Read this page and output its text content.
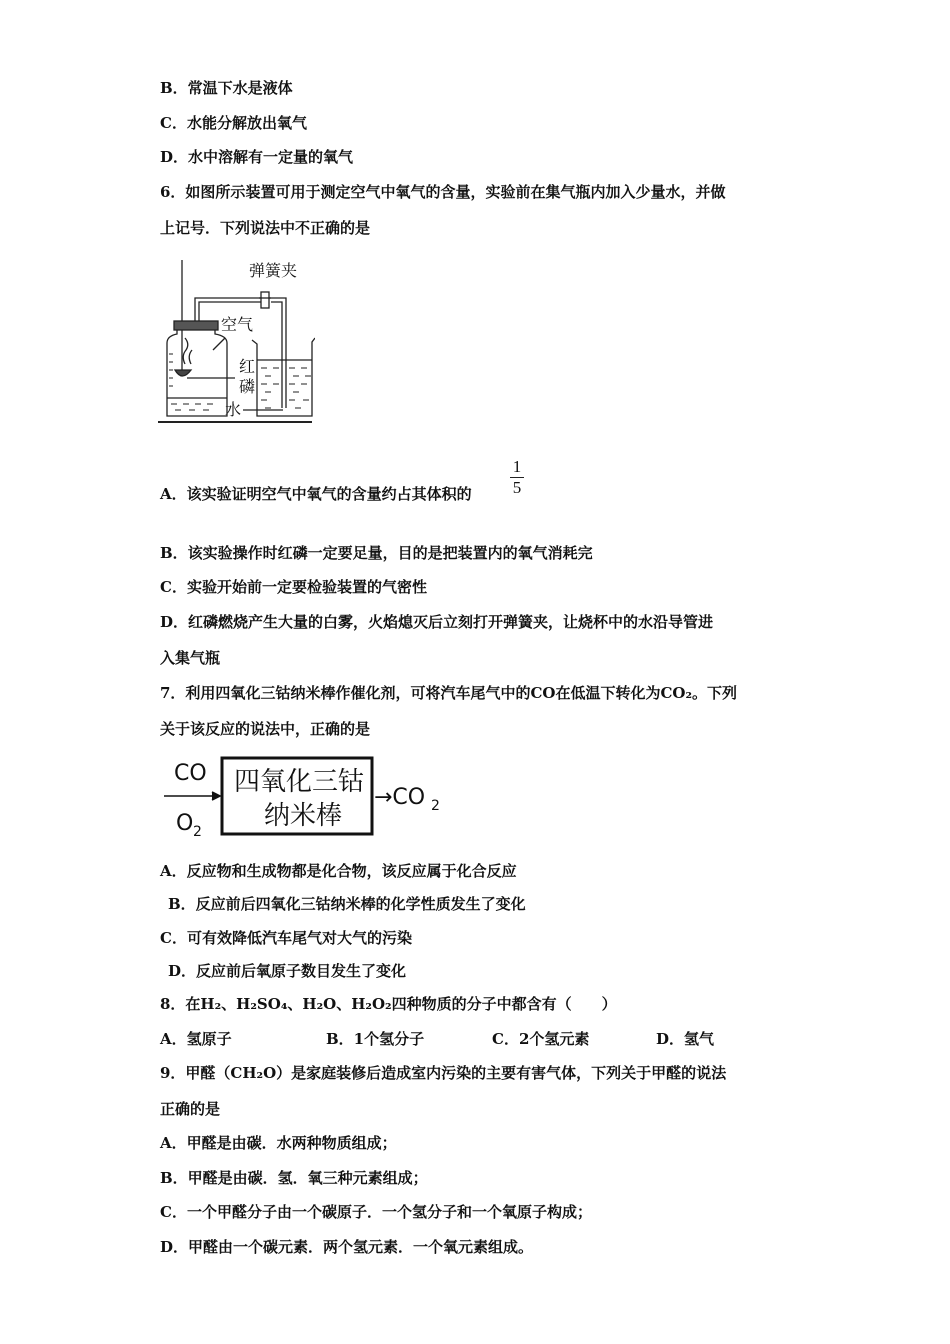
B．常温下水是液体
C．水能分解放出氧气
D．水中溶解有一定量的氧气
6．如图所示装置可用于测定空气中氧气的含量，实验前在集气瓶内加入少量水，并做
上记号．下列说法中不正确的是
弹簧夹
空气
红
磷
水
A．该实验证明空气中氧气的含量约占其体积的 $\frac{1}{5}$
B．该实验操作时红磷一定要足量，目的是把装置内的氧气消耗完
C．实验开始前一定要检验装置的气密性
D．红磷燃烧产生大量的白雾，火焰熄灭后立刻打开弹簧夹，让烧杯中的水沿导管进
入集气瓶
7．利用四氧化三钴纳米棒作催化剂，可将汽车尾气中的CO在低温下转化为CO₂。下列
关于该反应的说法中，正确的是
CO
O 2
四氧化三钴
纳米棒
→CO 2
A．反应物和生成物都是化合物，该反应属于化合反应
B．反应前后四氧化三钴纳米棒的化学性质发生了变化
C．可有效降低汽车尾气对大气的污染
D．反应前后氧原子数目发生了变化
8．在H₂、H₂SO₄、H₂O、H₂O₂四种物质的分子中都含有（　　）
A．氢原子	B．1个氢分子	C．2个氢元素	D．氢气
9．甲醛（CH₂O）是家庭装修后造成室内污染的主要有害气体，下列关于甲醛的说法
正确的是
A．甲醛是由碳．水两种物质组成；
B．甲醛是由碳．氢．氧三种元素组成；
C．一个甲醛分子由一个碳原子．一个氢分子和一个氧原子构成；
D．甲醛由一个碳元素．两个氢元素．一个氧元素组成。
